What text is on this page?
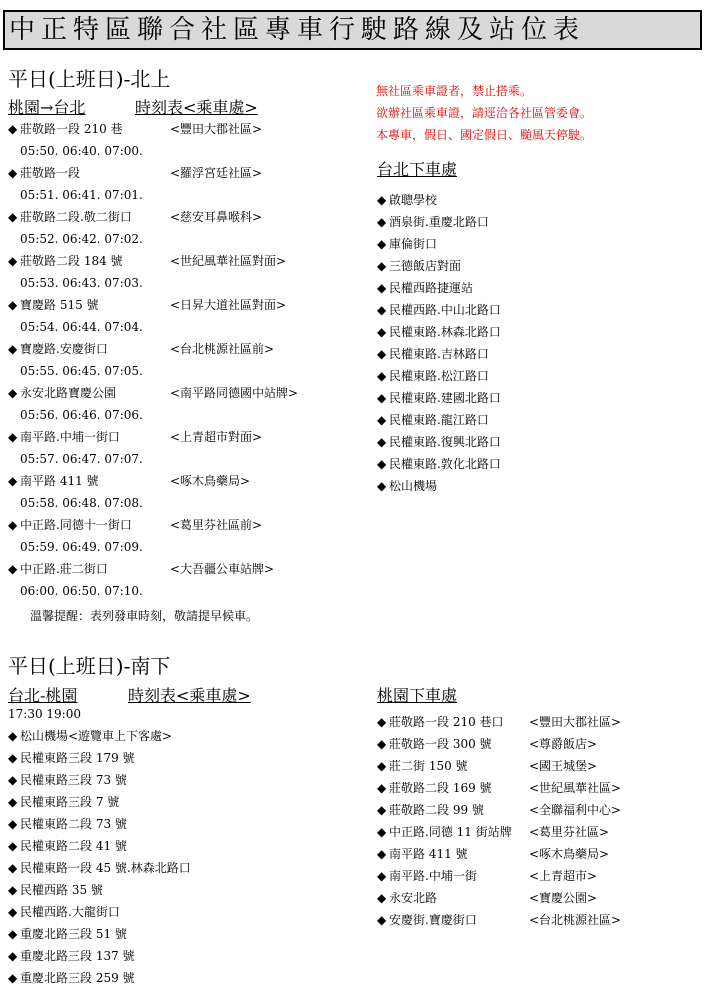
中正特區聯合社區專車行駛路線及站位表
平日(上班日)-北上
桃園→台北	時刻表<乘車處>
◆ 莊敬路一段 210 巷	<豐田大郡社區>
05:50. 06:40. 07:00.
◆ 莊敬路一段	<羅浮宮廷社區>
05:51. 06:41. 07:01.
◆ 莊敬路二段.敬二街口	<慈安耳鼻喉科>
05:52. 06:42. 07:02.
◆ 莊敬路二段 184 號	<世紀風華社區對面>
05:53. 06:43. 07:03.
◆ 寶慶路 515 號	<日昇大道社區對面>
05:54. 06:44. 07:04.
◆ 寶慶路.安慶街口	<台北桃源社區前>
05:55. 06:45. 07:05.
◆ 永安北路寶慶公園	<南平路同德國中站牌>
05:56. 06:46. 07:06.
◆ 南平路.中埔一街口	<上青超市對面>
05:57. 06:47. 07:07.
◆ 南平路 411 號	<啄木鳥藥局>
05:58. 06:48. 07:08.
◆ 中正路.同德十一街口	<葛里芬社區前>
05:59. 06:49. 07:09.
◆ 中正路.莊二街口	<大吾疆公車站牌>
06:00. 06:50. 07:10.
溫馨提醒：表列發車時刻，敬請提早候車。
無社區乘車證者，禁止搭乘。
欲辦社區乘車證，請逕洽各社區管委會。
本專車，假日、國定假日、颱風天停駛。
台北下車處
◆ 啟聰學校
◆ 酒泉街.重慶北路口
◆ 庫倫街口
◆ 三德飯店對面
◆ 民權西路捷運站
◆ 民權西路.中山北路口
◆ 民權東路.林森北路口
◆ 民權東路.吉林路口
◆ 民權東路.松江路口
◆ 民權東路.建國北路口
◆ 民權東路.龍江路口
◆ 民權東路.復興北路口
◆ 民權東路.敦化北路口
◆ 松山機場
平日(上班日)-南下
台北-桃園	時刻表<乘車處>
17:30 19:00
◆ 松山機場<遊覽車上下客處>
◆ 民權東路三段 179 號
◆ 民權東路三段 73 號
◆ 民權東路三段 7 號
◆ 民權東路二段 73 號
◆ 民權東路二段 41 號
◆ 民權東路一段 45 號.林森北路口
◆ 民權西路 35 號
◆ 民權西路.大龍街口
◆ 重慶北路三段 51 號
◆ 重慶北路三段 137 號
◆ 重慶北路三段 259 號
桃園下車處
◆ 莊敬路一段 210 巷口 <豐田大郡社區>
◆ 莊敬路一段 300 號	<尊爵飯店>
◆ 莊二街 150 號	<國王城堡>
◆ 莊敬路二段 169 號	<世紀風華社區>
◆ 莊敬路二段 99 號	<全聯福利中心>
◆ 中正路.同德 11 街站牌 <葛里芬社區>
◆ 南平路 411 號	<啄木鳥藥局>
◆ 南平路.中埔一街	<上青超市>
◆ 永安北路	<寶慶公園>
◆ 安慶街.寶慶街口	<台北桃源社區>
